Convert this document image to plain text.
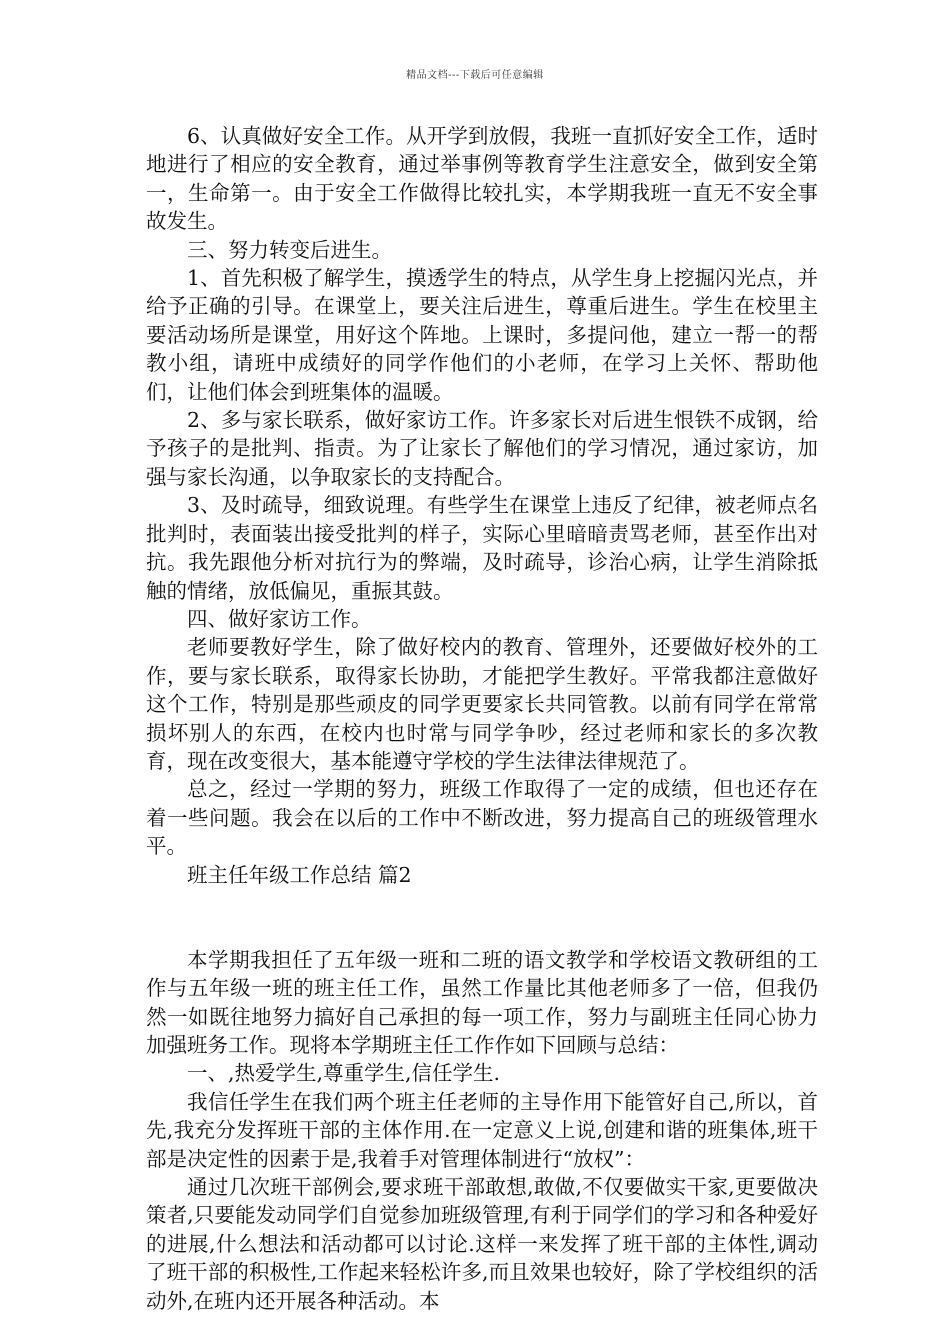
精品文档---下载后可任意编辑

6、认真做好安全工作。从开学到放假，我班一直抓好安全工作，适时地进行了相应的安全教育，通过举事例等教育学生注意安全，做到安全第一，生命第一。由于安全工作做得比较扎实，本学期我班一直无不安全事故发生。

三、努力转变后进生。

1、首先积极了解学生，摸透学生的特点，从学生身上挖掘闪光点，并给予正确的引导。在课堂上，要关注后进生，尊重后进生。学生在校里主要活动场所是课堂，用好这个阵地。上课时，多提问他，建立一帮一的帮教小组，请班中成绩好的同学作他们的小老师，在学习上关怀、帮助他们，让他们体会到班集体的温暖。

2、多与家长联系，做好家访工作。许多家长对后进生恨铁不成钢，给予孩子的是批判、指责。为了让家长了解他们的学习情况，通过家访，加强与家长沟通，以争取家长的支持配合。

3、及时疏导，细致说理。有些学生在课堂上违反了纪律，被老师点名批判时，表面装出接受批判的样子，实际心里暗暗责骂老师，甚至作出对抗。我先跟他分析对抗行为的弊端，及时疏导，诊治心病，让学生消除抵触的情绪，放低偏见，重振其鼓。

四、做好家访工作。

老师要教好学生，除了做好校内的教育、管理外，还要做好校外的工作，要与家长联系，取得家长协助，才能把学生教好。平常我都注意做好这个工作，特别是那些顽皮的同学更要家长共同管教。以前有同学在常常损坏别人的东西，在校内也时常与同学争吵，经过老师和家长的多次教育，现在改变很大，基本能遵守学校的学生法律法律规范了。

总之，经过一学期的努力，班级工作取得了一定的成绩，但也还存在着一些问题。我会在以后的工作中不断改进，努力提高自己的班级管理水平。

班主任年级工作总结 篇2

本学期我担任了五年级一班和二班的语文教学和学校语文教研组的工作与五年级一班的班主任工作，虽然工作量比其他老师多了一倍，但我仍然一如既往地努力搞好自己承担的每一项工作，努力与副班主任同心协力加强班务工作。现将本学期班主任工作作如下回顾与总结：

一、,热爱学生,尊重学生,信任学生.

我信任学生在我们两个班主任老师的主导作用下能管好自己,所以，首先,我充分发挥班干部的主体作用.在一定意义上说,创建和谐的班集体,班干部是决定性的因素于是,我着手对管理体制进行“放权”：

通过几次班干部例会,要求班干部敢想,敢做,不仅要做实干家,更要做决策者,只要能发动同学们自觉参加班级管理,有利于同学们的学习和各种爱好的进展,什么想法和活动都可以讨论.这样一来发挥了班干部的主体性,调动了班干部的积极性,工作起来轻松许多,而且效果也较好，除了学校组织的活动外,在班内还开展各种活动。本
